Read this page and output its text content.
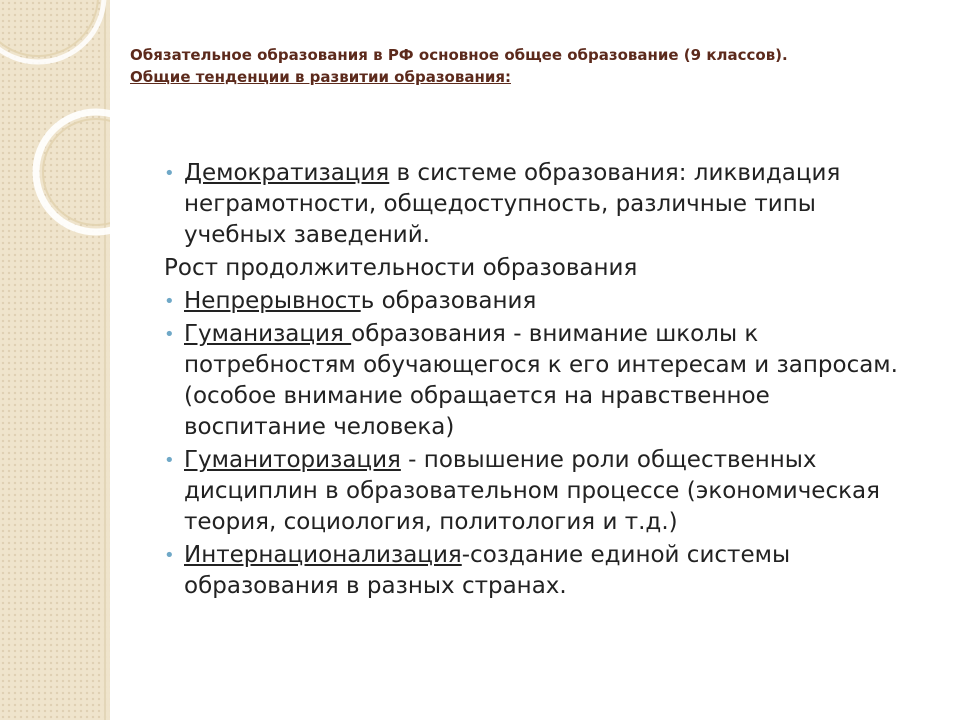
Обязательное образования в РФ основное общее образование (9 классов).
Общие тенденции в развитии образования:
• Демократизация в системе образования: ликвидация неграмотности, общедоступность, различные типы учебных заведений.
Рост продолжительности образования
• Непрерывность образования
• Гуманизация образования - внимание школы к потребностям обучающегося к его интересам и запросам. (особое внимание обращается на нравственное воспитание человека)
• Гуманиторизация - повышение роли общественных дисциплин в образовательном процессе (экономическая теория, социология, политология и т.д.)
• Интернационализация-создание единой системы образования в разных странах.
